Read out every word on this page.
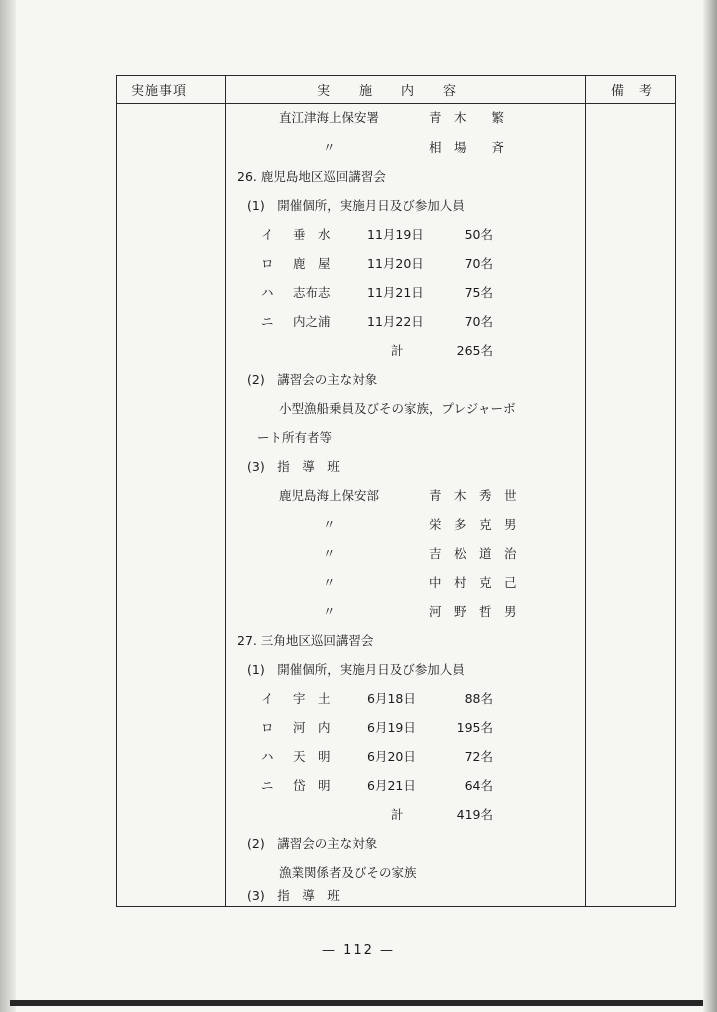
実施事項	実　　施　　内　　容	備　考
直江津海上保安署	青　木　　繁
〃	相　場　　斉
26. 鹿児島地区巡回講習会
(1)　開催個所，実施月日及び参加人員
イ 垂　水	11月19日	50名
ロ 鹿　屋	11月20日	70名
ハ 志布志	11月21日	75名
ニ 内之浦	11月22日	70名
計	265名
(2)　講習会の主な対象
小型漁船乗員及びその家族，プレジャーボ
ート所有者等
(3)　指　導　班
鹿児島海上保安部	青　木　秀　世
〃	栄　多　克　男
〃	吉　松　道　治
〃	中　村　克　己
〃	河　野　哲　男
27. 三角地区巡回講習会
(1)　開催個所，実施月日及び参加人員
イ 宇　土	6月18日	88名
ロ 河　内	6月19日	195名
ハ 天　明	6月20日	72名
ニ 岱　明	6月21日	64名
計	419名
(2)　講習会の主な対象
漁業関係者及びその家族
(3)　指　導　班
— 112 —
